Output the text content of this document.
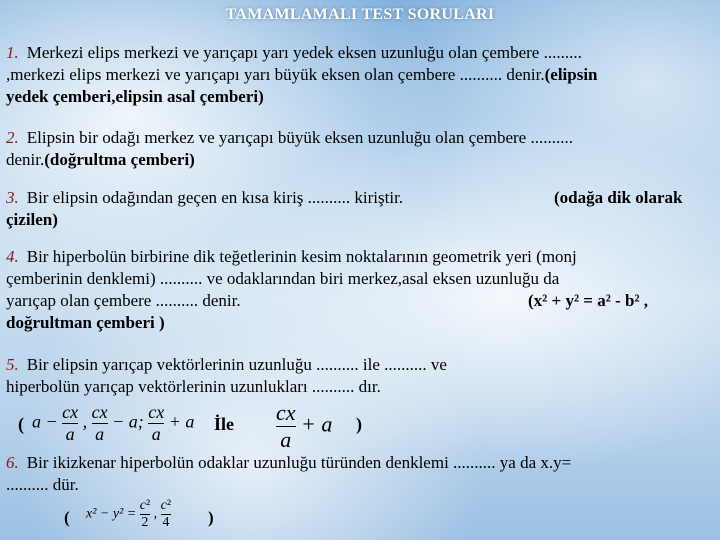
TAMAMLAMALI TEST SORULARI
1. Merkezi elips merkezi ve yarıçapı yarı yedek eksen uzunluğu olan çembere .........
,merkezi elips merkezi ve yarıçapı yarı büyük eksen olan çembere .......... denir.(elipsin
yedek çemberi,elipsin asal çemberi)
2. Elipsin bir odağı merkez ve yarıçapı büyük eksen uzunluğu olan çembere ..........
denir.(doğrultma çemberi)
3. Bir elipsin odağından geçen en kısa kiriş .......... kiriştir.	(odağa dik olarak
çizilen)
4. Bir hiperbolün birbirine dik teğetlerinin kesim noktalarının geometrik yeri (monj
çemberinin denklemi) .......... ve odaklarından biri merkez,asal eksen uzunluğu da
yarıçap olan çembere .......... denir.	(x² + y² = a² - b² ,
doğrultman çemberi )
5. Bir elipsin yarıçap vektörlerinin uzunluğu .......... ile .......... ve
hiperbolün yarıçap vektörlerinin uzunlukları .......... dır.
( $a - \frac{cx}{a}$ , $\frac{cx}{a} - a$; $\frac{cx}{a} + a$ İle $\frac{cx}{a} + a$ )
6. Bir ikizkenar hiperbolün odaklar uzunluğu türünden denklemi .......... ya da x.y=
.......... dür.
( $x^2 - y^2 = \frac{\text{c²}}{2}$ , $\frac{\text{c²}}{4}$ )
